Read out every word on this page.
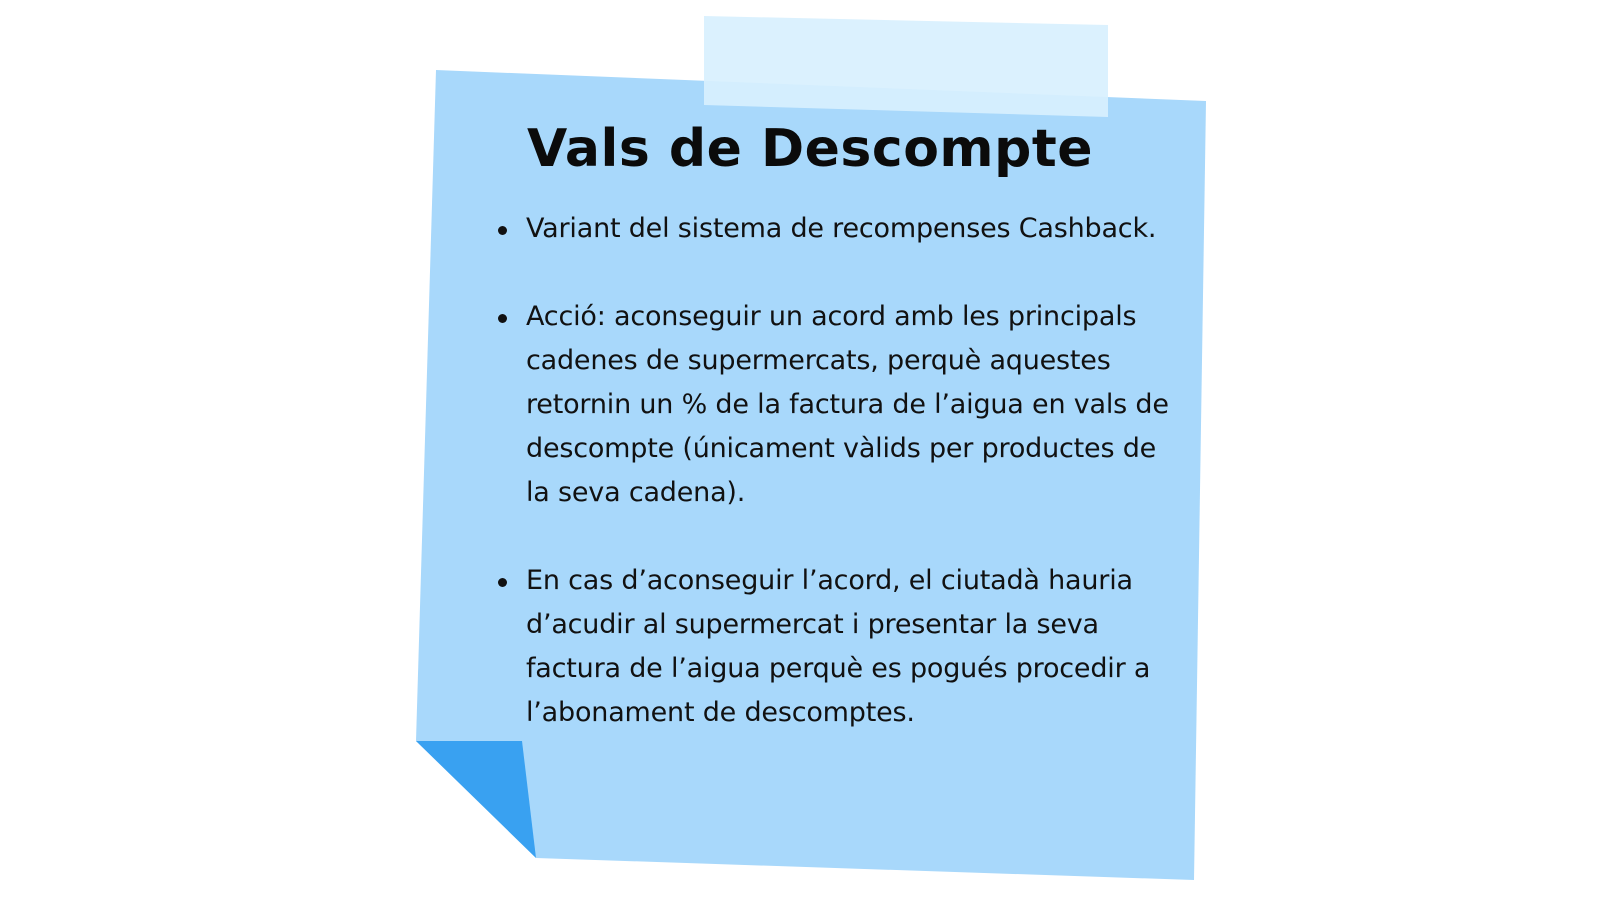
Vals de Descompte
Variant del sistema de recompenses Cashback.
Acció: aconseguir un acord amb les principals cadenes de supermercats, perquè aquestes retornin un % de la factura de l’aigua en vals de descompte (únicament vàlids per productes de la seva cadena).
En cas d’aconseguir l’acord, el ciutadà hauria d’acudir al supermercat i presentar la seva factura de l’aigua perquè es pogués procedir a l’abonament de descomptes.
